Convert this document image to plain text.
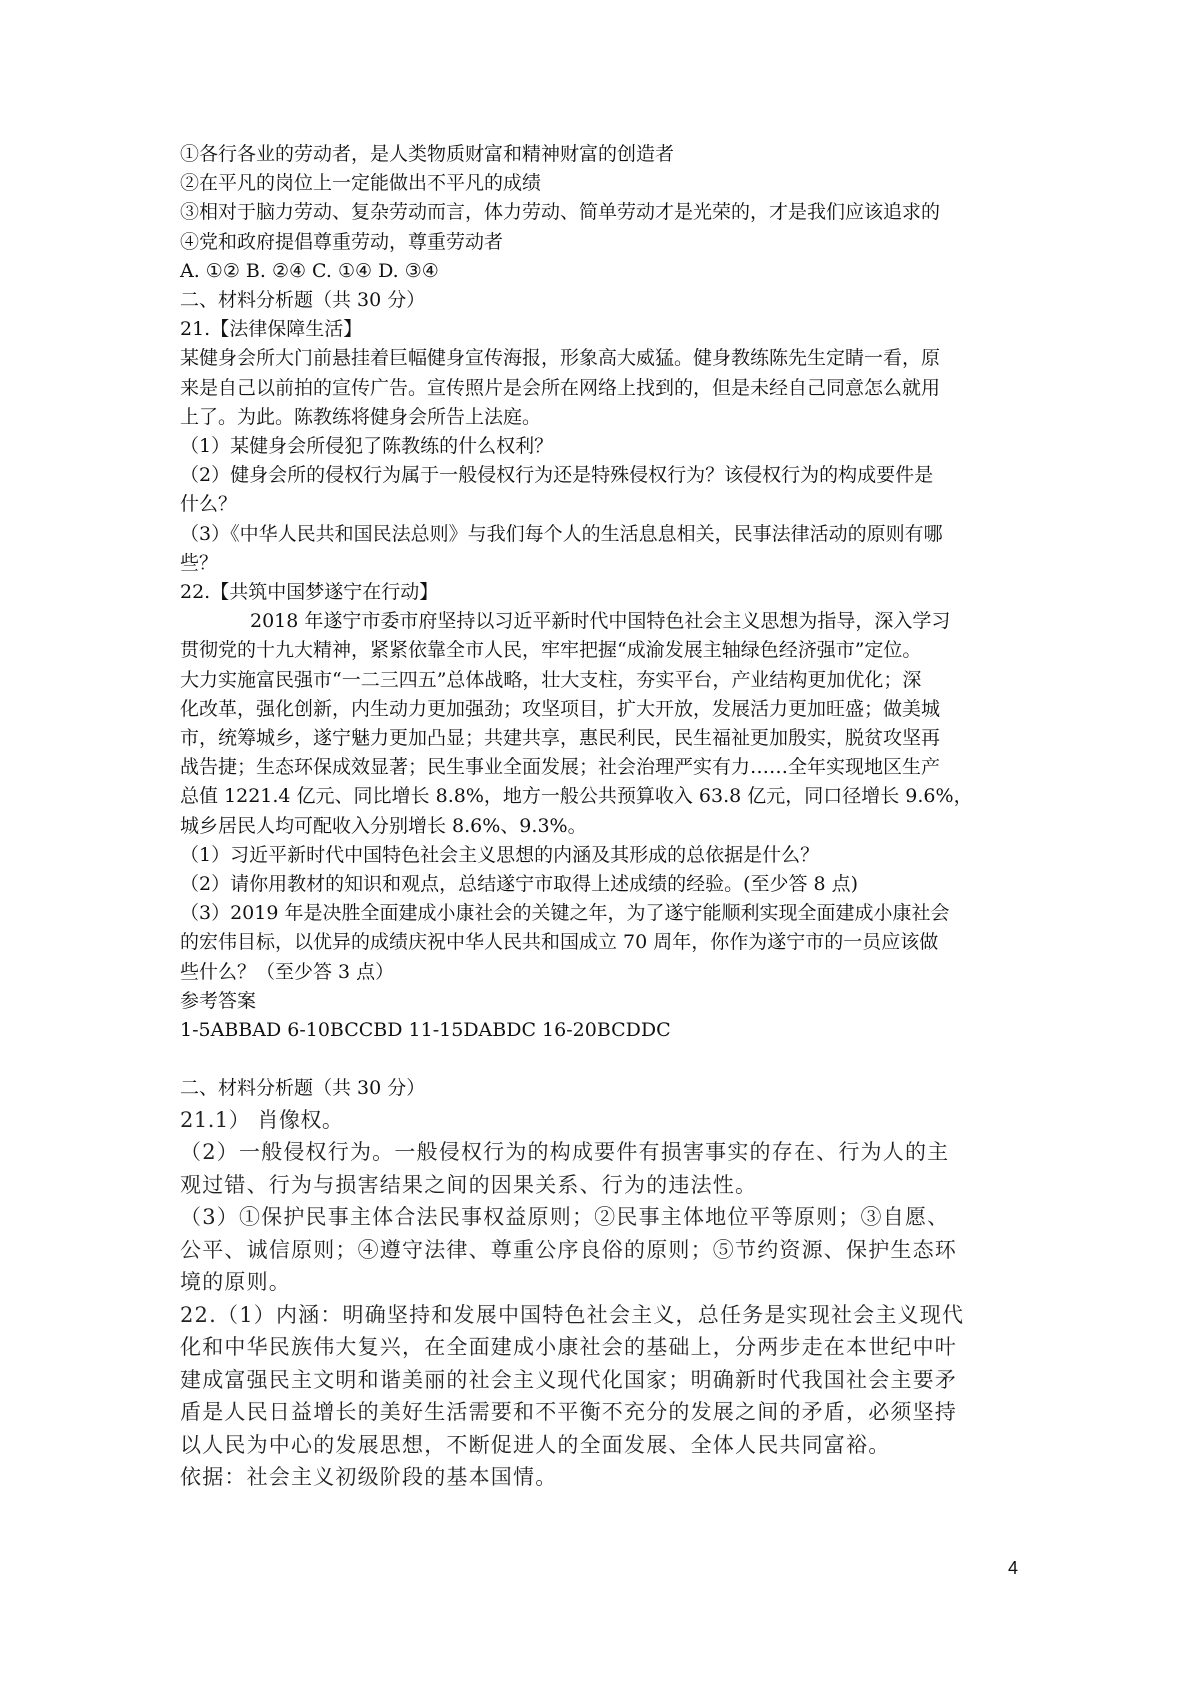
①各行各业的劳动者，是人类物质财富和精神财富的创造者

②在平凡的岗位上一定能做出不平凡的成绩

③相对于脑力劳动、复杂劳动而言，体力劳动、简单劳动才是光荣的，才是我们应该追求的

④党和政府提倡尊重劳动，尊重劳动者

A. ①② B. ②④ C. ①④ D. ③④

二、材料分析题（共 30 分）

21.【法律保障生活】

某健身会所大门前悬挂着巨幅健身宣传海报，形象高大威猛。健身教练陈先生定睛一看，原

来是自己以前拍的宣传广告。宣传照片是会所在网络上找到的，但是未经自己同意怎么就用

上了。为此。陈教练将健身会所告上法庭。

（1）某健身会所侵犯了陈教练的什么权利？

（2）健身会所的侵权行为属于一般侵权行为还是特殊侵权行为？该侵权行为的构成要件是

什么？

（3）《中华人民共和国民法总则》与我们每个人的生活息息相关，民事法律活动的原则有哪

些？

22.【共筑中国梦遂宁在行动】

2018 年遂宁市委市府坚持以习近平新时代中国特色社会主义思想为指导，深入学习

贯彻党的十九大精神，紧紧依靠全市人民，牢牢把握“成渝发展主轴绿色经济强市”定位。

大力实施富民强市“一二三四五”总体战略，壮大支柱，夯实平台，产业结构更加优化；深

化改革，强化创新，内生动力更加强劲；攻坚项目，扩大开放，发展活力更加旺盛；做美城

市，统筹城乡，遂宁魅力更加凸显；共建共享，惠民利民，民生福祉更加殷实，脱贫攻坚再

战告捷；生态环保成效显著；民生事业全面发展；社会治理严实有力……全年实现地区生产

总值 1221.4 亿元、同比增长 8.8%，地方一般公共预算收入 63.8 亿元，同口径增长 9.6%，

城乡居民人均可配收入分别增长 8.6%、9.3%。

（1）习近平新时代中国特色社会主义思想的内涵及其形成的总依据是什么？

（2）请你用教材的知识和观点，总结遂宁市取得上述成绩的经验。(至少答 8 点)

（3）2019 年是决胜全面建成小康社会的关键之年，为了遂宁能顺利实现全面建成小康社会

的宏伟目标，以优异的成绩庆祝中华人民共和国成立 70 周年，你作为遂宁市的一员应该做

些什么？（至少答 3 点）

参考答案

1-5ABBAD 6-10BCCBD 11-15DABDC 16-20BCDDC

二、材料分析题（共 30 分）

21.1） 肖像权。

（2）一般侵权行为。一般侵权行为的构成要件有损害事实的存在、行为人的主

观过错、行为与损害结果之间的因果关系、行为的违法性。

（3）①保护民事主体合法民事权益原则；②民事主体地位平等原则；③自愿、

公平、诚信原则；④遵守法律、尊重公序良俗的原则；⑤节约资源、保护生态环

境的原则。

22.（1）内涵：明确坚持和发展中国特色社会主义，总任务是实现社会主义现代

化和中华民族伟大复兴，在全面建成小康社会的基础上，分两步走在本世纪中叶

建成富强民主文明和谐美丽的社会主义现代化国家；明确新时代我国社会主要矛

盾是人民日益增长的美好生活需要和不平衡不充分的发展之间的矛盾，必须坚持

以人民为中心的发展思想，不断促进人的全面发展、全体人民共同富裕。

依据：社会主义初级阶段的基本国情。

4
